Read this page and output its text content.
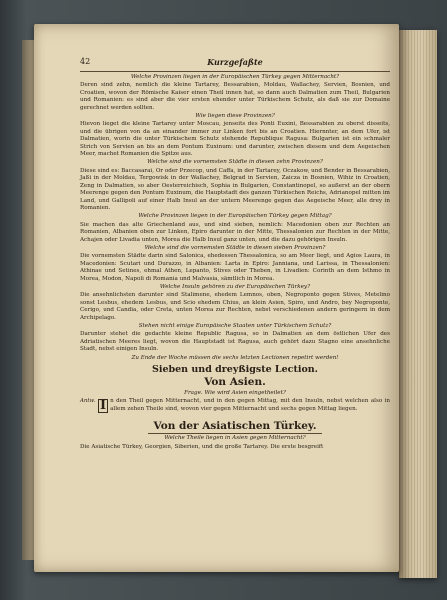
42	Kurzgefaßte
Welche Provinzen liegen in der Europäischen Türkey gegen Mitternacht?
Deren sind zehn, nemlich die kleine Tartarey, Bessarabien, Moldau, Wallachey, Servien, Bosnien, und Croatien, wovon der Römische Kaiser einen Theil innen hat, so dann auch Dalmatien zum Theil, Bulgarien und Romanien: es sind aber die vier ersten ehender unter Türkischem Schutz, als daß sie zur Domaine gerechnet werden sollten.
Wie liegen diese Provinzen?
Hievon lieget die kleine Tartarey unter Moscau, jenseits des Ponti Euxini, Bessarabien zu oberst disseits, und die übrigen von da an einander immer zur Linken fort bis an Croatien. Hiernnter, an dem Ufer, ist Dalmatien, worin die unter Türkischem Schutz stehende Republique Ragusa: Bulgarien ist ein schmaler Strich von Servien an bis an dem Pontum Euxinum: und darunter, zwischen diesem und dem Aegeischen Meer, machet Romanien die Spitze aus.
Welche sind die vornemsten Städte in diesen zehn Provinzen?
Diese sind es: Baccasarai, Or oder Przecop, und Caffa, in der Tartarey, Oczakow, und Bender in Bessarabien, Jaßi in der Moldau, Tergowisk in der Wallachey, Belgrad in Servien, Zaicza in Bosnien, Wihiz in Croatien, Zeng in Dalmatien, so aber Oesterreichisch, Sophia in Bulgarien, Constantinopel, so außerst an der obern Meerenge gegen den Pontum Euxinum, die Hauptstadt des ganzen Türkischen Reichs, Adrianopel mitten im Land, und Gallipoli auf einer Halb Insul an der untern Meerenge gegen das Aegeische Meer, alle drey in Romanien.
Welche Provinzen liegen in der Europäischen Türkey gegen Mittag?
Sie machen das alte Griechenland aus, und sind sieben, nemlich: Macedonien oben zur Rechten an Romanien, Albanien oben zur Linken, Epiro darunter in der Mitte, Thessalonien zur Rechten in der Mitte, Achajen oder Livadia unten, Morea die Halb Insul ganz unten, und die dazu gehörigen Insuln.
Welche sind die vornemsten Städte in diesen sieben Provinzen?
Die vornemsten Städte darin sind Salonica, ehedessen Thessalonica, so am Meer liegt, und Agios Laura, in Macedonien: Scutari und Durazzo, in Albanien: Larta in Epiro: Janniana, und Larissa, in Thessalonien: Athinae und Setines, ehmal Athen, Lepanto, Stives oder Theben, in Livadien: Corinth an dem Isthmo in Morea, Modon, Napoli di Romania und Malvasia, sämtlich in Morea.
Welche Insuln gehören zu der Europäischen Türkey?
Die ansehnlichsten darunter sind Stalimene, ehedem Lemnos, oben, Negroponto gegen Stives, Metelino sonst Lesbus, ehedem Lesbus, und Scio ehedem Chius, an klein Asien, Spiro, und Andro, bey Negroponte, Cerigo, und Candia, oder Creta, unten Morea zur Rechten, nebst verschiedenen andern geringern in dem Archipelago.
Stehen nicht einige Europäische Staaten unter Türkischem Schutz?
Darunter stehet die gedachte kleine Republic Ragusa, so in Dalmatien an dem östlichen Ufer des Adriatischen Meeres liegt, wovon die Hauptstadt ist Ragusa, auch gehört dazu Stagno eine ansehnliche Stadt, nebst einigen Insuln.
Zu Ende der Woche müssen die sechs letzten Lectionen repetirt werden!
Sieben und dreyßigste Lection.
Von Asien.
Frage. Wie wird Asien eingetheilet?
Antw. I n den Theil gegen Mitternacht, und in den gegen Mittag, mit den Insuln, nebst welchen also in allem zehen Theile sind, wovon vier gegen Mitternacht und sechs gegen Mittag liegen.
Von der Asiatischen Türkey.
Welche Theile liegen in Asien gegen Mitternacht?
Die Asiatische Türkey, Georgien, Siberien, und die große Tartarey. Die erste besgreift
